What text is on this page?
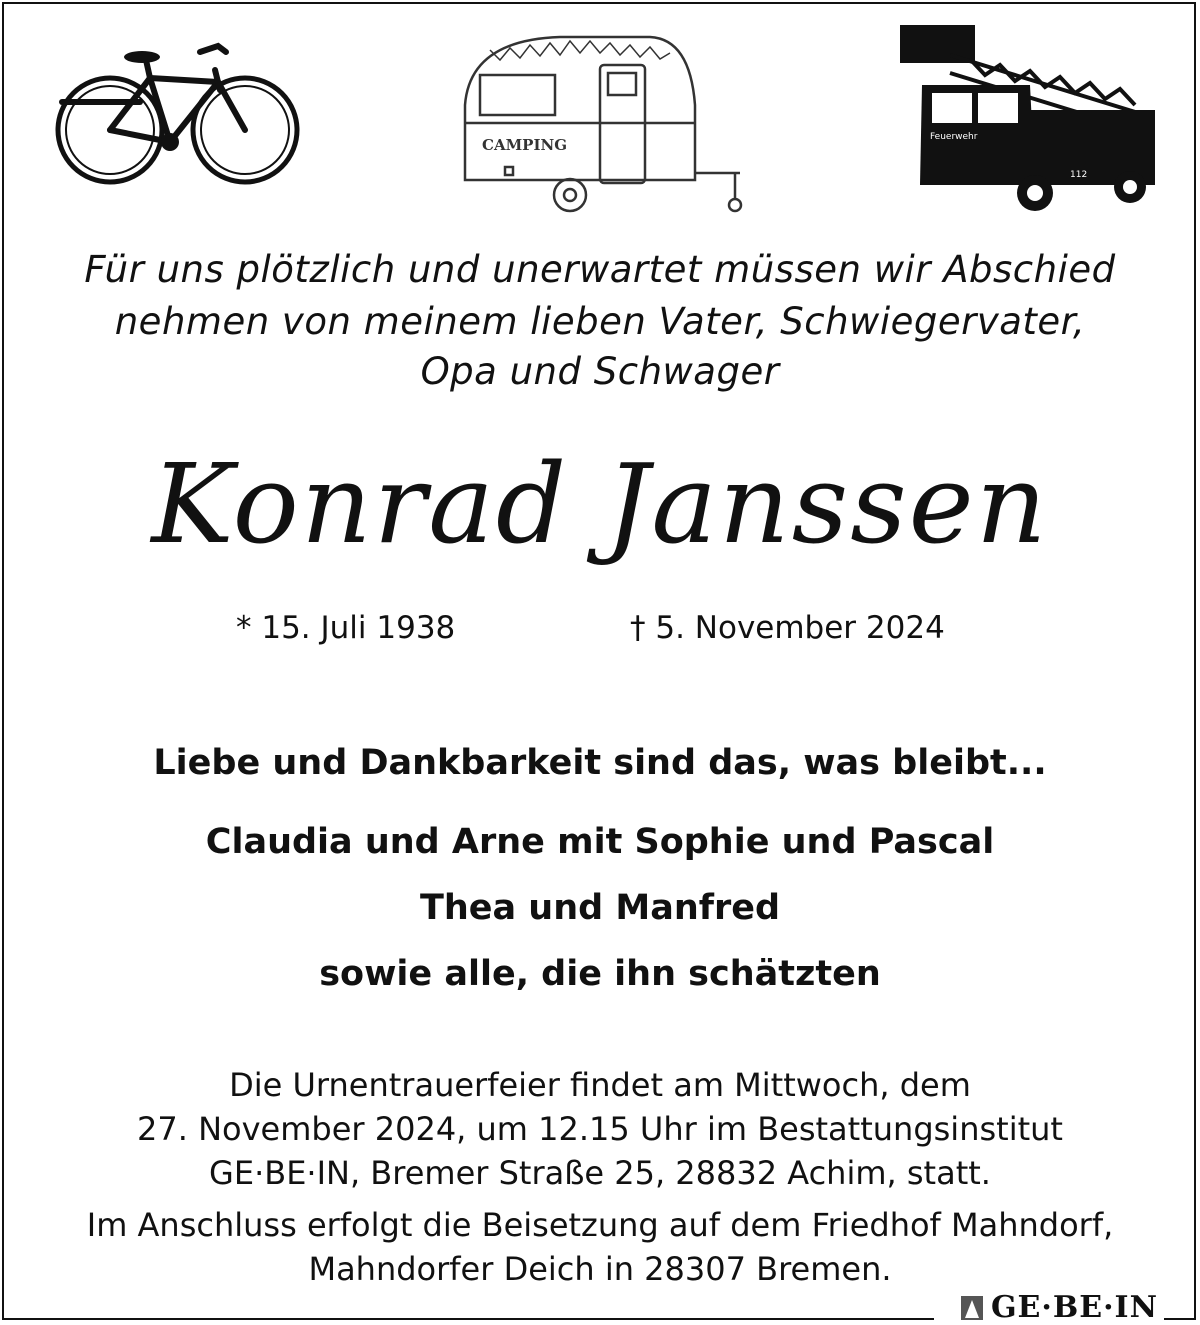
CAMPING	Feuerwehr
112
Für uns plötzlich und unerwartet müssen wir Abschied
nehmen von meinem lieben Vater, Schwiegervater,
Opa und Schwager
Konrad Janssen
* 15. Juli 1938	† 5. November 2024
Liebe und Dankbarkeit sind das, was bleibt...
Claudia und Arne mit Sophie und Pascal
Thea und Manfred
sowie alle, die ihn schätzten
Die Urnentrauerfeier findet am Mittwoch, dem
27. November 2024, um 12.15 Uhr im Bestattungsinstitut
GE·BE·IN, Bremer Straße 25, 28832 Achim, statt.
Im Anschluss erfolgt die Beisetzung auf dem Friedhof Mahndorf,
Mahndorfer Deich in 28307 Bremen.
GE·BE·IN
